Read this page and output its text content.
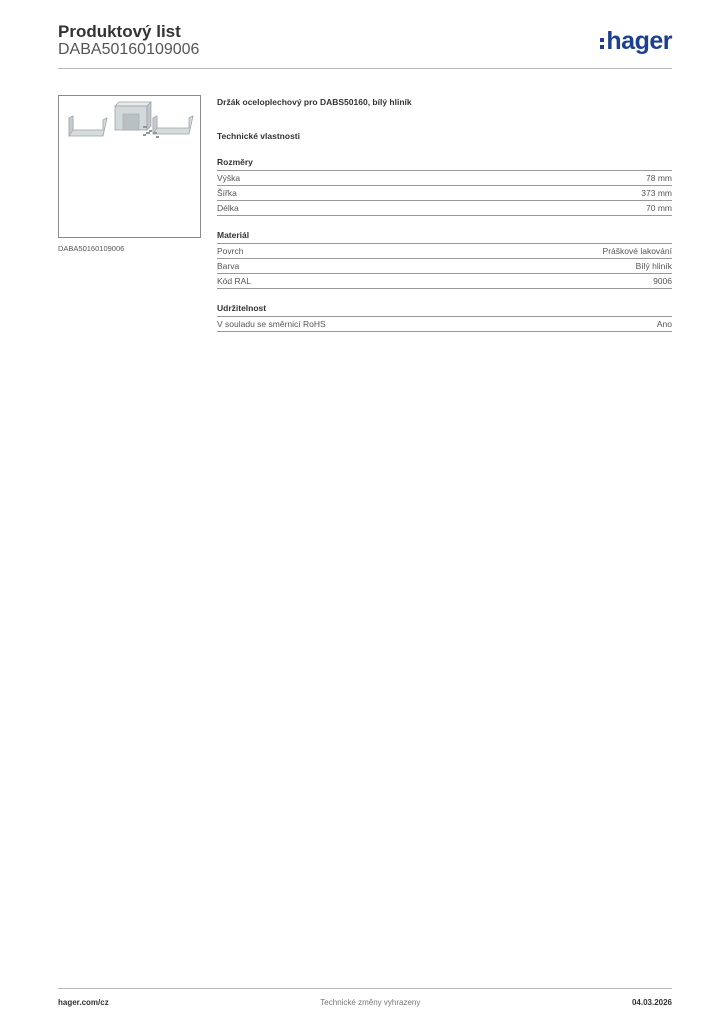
Produktový list
DABA50160109006	hager
DABA50160109006
Držák oceloplechový pro DABS50160, bílý hliník
Technické vlastnosti
Rozměry
Výška	78 mm
Šířka	373 mm
Délka	70 mm
Materiál
Povrch	Práškové lakování
Barva	Bílý hliník
Kód RAL	9006
Udržitelnost
V souladu se směrnicí RoHS	Ano
hager.com/cz	Technické změny vyhrazeny	04.03.2026
